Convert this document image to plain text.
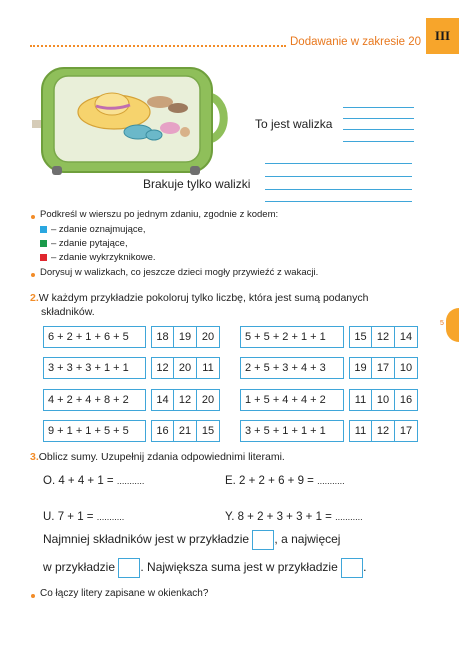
Dodawanie w zakresie 20	III
5
To jest walizka
Brakuje tylko walizki
Podkreśl w wierszu po jednym zdaniu, zgodnie z kodem:
– zdanie oznajmujące,
– zdanie pytające,
– zdanie wykrzyknikowe.
Dorysuj w walizkach, co jeszcze dzieci mogły przywieźć z wakacji.
2.W każdym przykładzie pokoloruj tylko liczbę, która jest sumą podanych
składników.
6 + 2 + 1 + 6 + 5	18 19 20
3 + 3 + 3 + 1 + 1	12 20	11
4 + 2 + 4 + 8 + 2	14 12 20
9 + 1 + 1 + 5 + 5	16 21 15
5 + 5 + 2 + 1 + 1	15 12 14
2 + 5 + 3 + 4 + 3	19 17 10
1 + 5 + 4 + 4 + 2	11 10 16
3 + 5 + 1 + 1 + 1	11 12 17
3.Oblicz sumy. Uzupełnij zdania odpowiednimi literami.
O. 4 + 4 + 1 = ...........	E. 2 + 2 + 6 + 9 = ...........
U. 7 + 1 = ...........	Y. 8 + 2 + 3 + 3 + 1 = ...........
Najmniej składników jest w przykładzie , a najwięcej
w przykładzie . Największa suma jest w przykładzie .
Co łączy litery zapisane w okienkach?
